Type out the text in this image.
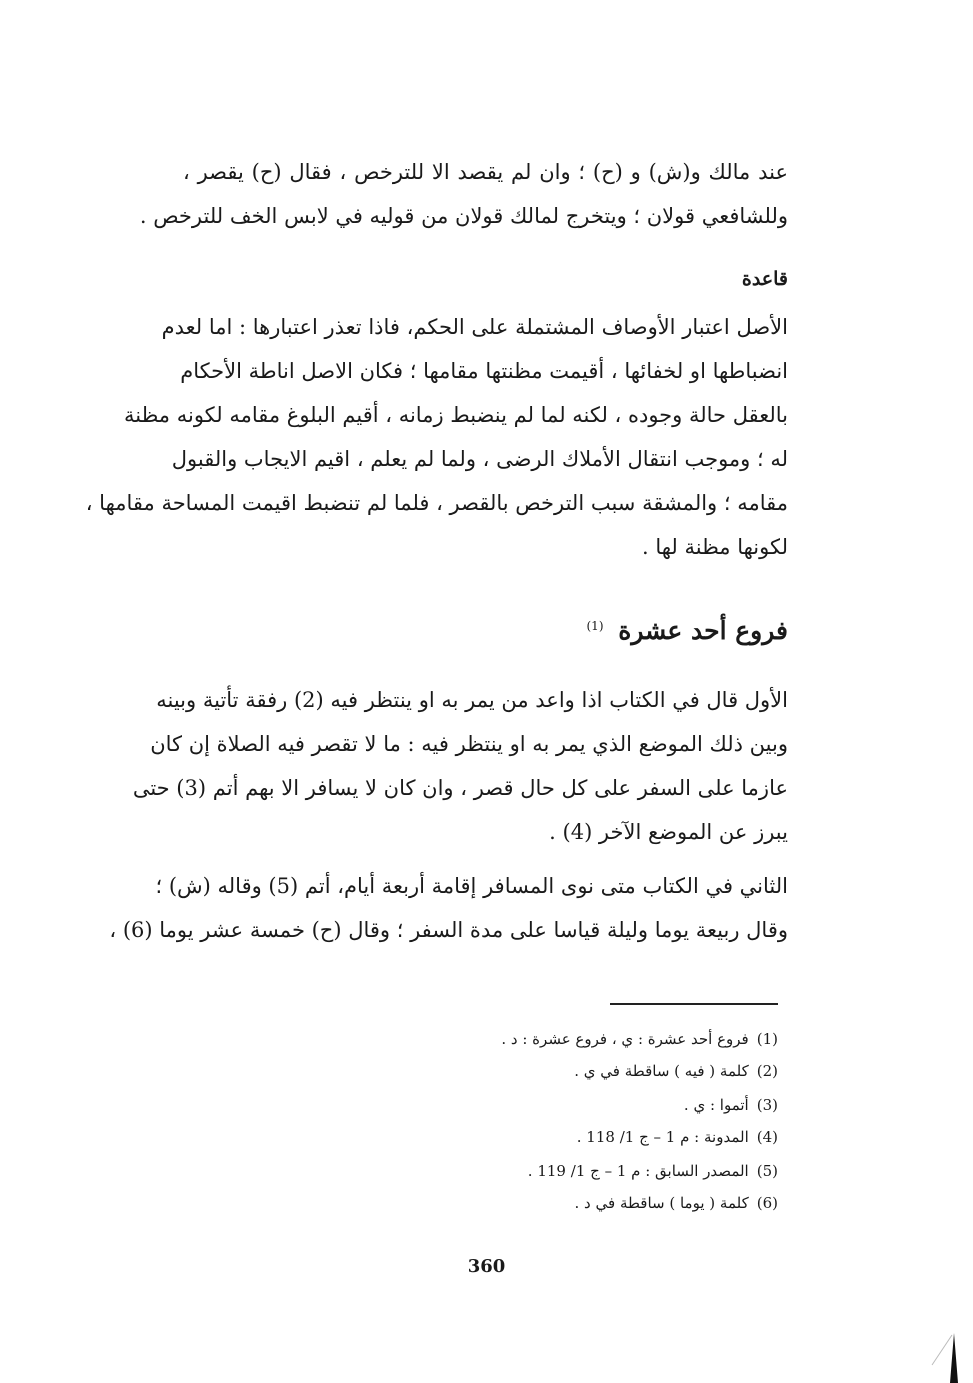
عند مالك و(ش) و (ح) ؛ وان لم يقصد الا للترخص ، فقال (ح) يقصر ،
وللشافعي قولان ؛ ويتخرج لمالك قولان من قوليه في لابس الخف للترخص .
قاعدة
الأصل اعتبار الأوصاف المشتملة على الحكم، فاذا تعذر اعتبارها : اما لعدم
انضباطها او لخفائها ، أقيمت مظنتها مقامها ؛ فكان الاصل اناطة الأحكام
بالعقل حالة وجوده ، لكنه لما لم ينضبط زمانه ، أقيم البلوغ مقامه لكونه مظنة
له ؛ وموجب انتقال الأملاك الرضى ، ولما لم يعلم ، اقيم الايجاب والقبول
مقامه ؛ والمشقة سبب الترخص بالقصر ، فلما لم تنضبط اقيمت المساحة مقامها ،
لكونها مظنة لها .
فروع أحد عشرة $^{(1)}$
الأول قال في الكتاب اذا واعد من يمر به او ينتظر فيه (2) رفقة تأتية وبينه
وبين ذلك الموضع الذي يمر به او ينتظر فيه : ما لا تقصر فيه الصلاة إن كان
عازما على السفر على كل حال قصر ، وان كان لا يسافر الا بهم أتم (3) حتى
يبرز عن الموضع الآخر (4) .
الثاني في الكتاب متى نوى المسافر إقامة أربعة أيام، أتم (5) وقاله (ش) ؛
وقال ربيعة يوما وليلة قياسا على مدة السفر ؛ وقال (ح) خمسة عشر يوما (6) ،
(1)فروع أحد عشرة : ي ، فروع عشرة : د .
(2)كلمة ( فيه ) ساقطة في ي .
(3)أتموا : ي .
(4)المدونة : م 1 – ج 1/ 118 .
(5)المصدر السابق : م 1 – ج 1/ 119 .
(6)كلمة ( يوما ) ساقطة في د .
360
